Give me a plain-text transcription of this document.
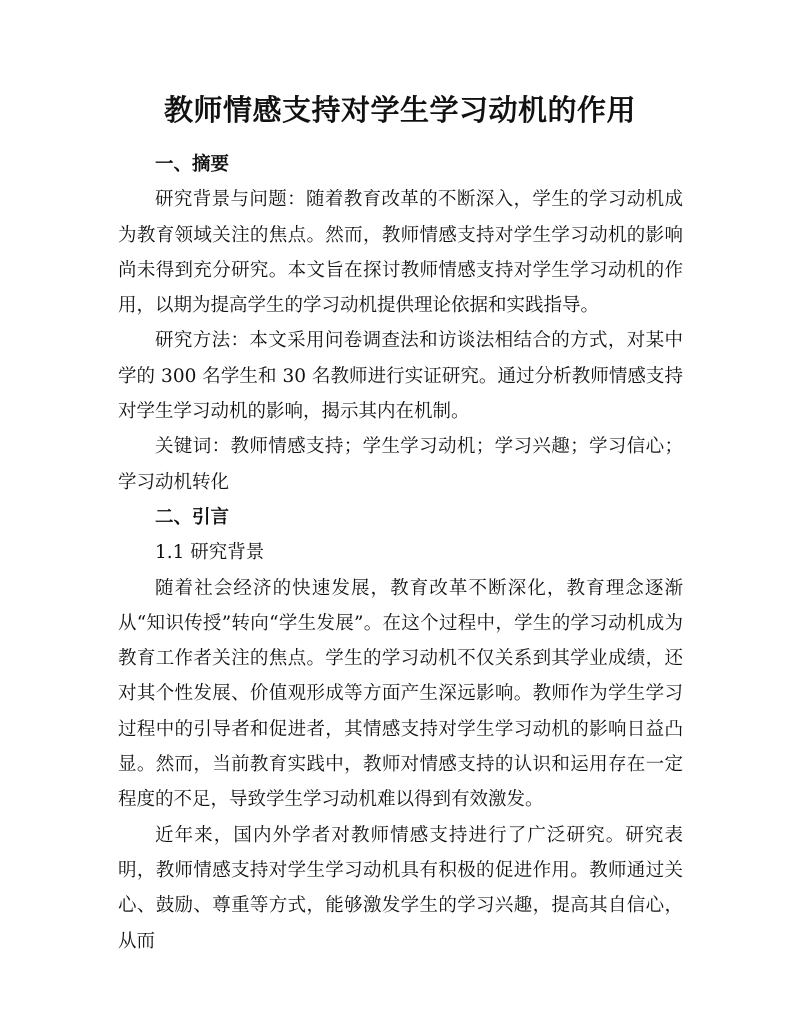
教师情感支持对学生学习动机的作用

一、摘要

研究背景与问题：随着教育改革的不断深入，学生的学习动机成为教育领域关注的焦点。然而，教师情感支持对学生学习动机的影响尚未得到充分研究。本文旨在探讨教师情感支持对学生学习动机的作用，以期为提高学生的学习动机提供理论依据和实践指导。

研究方法：本文采用问卷调查法和访谈法相结合的方式，对某中学的 300 名学生和 30 名教师进行实证研究。通过分析教师情感支持对学生学习动机的影响，揭示其内在机制。

关键词：教师情感支持；学生学习动机；学习兴趣；学习信心；学习动机转化

二、引言

1.1 研究背景

随着社会经济的快速发展，教育改革不断深化，教育理念逐渐从“知识传授”转向“学生发展”。在这个过程中，学生的学习动机成为教育工作者关注的焦点。学生的学习动机不仅关系到其学业成绩，还对其个性发展、价值观形成等方面产生深远影响。教师作为学生学习过程中的引导者和促进者，其情感支持对学生学习动机的影响日益凸显。然而，当前教育实践中，教师对情感支持的认识和运用存在一定程度的不足，导致学生学习动机难以得到有效激发。

近年来，国内外学者对教师情感支持进行了广泛研究。研究表明，教师情感支持对学生学习动机具有积极的促进作用。教师通过关心、鼓励、尊重等方式，能够激发学生的学习兴趣，提高其自信心，从而
